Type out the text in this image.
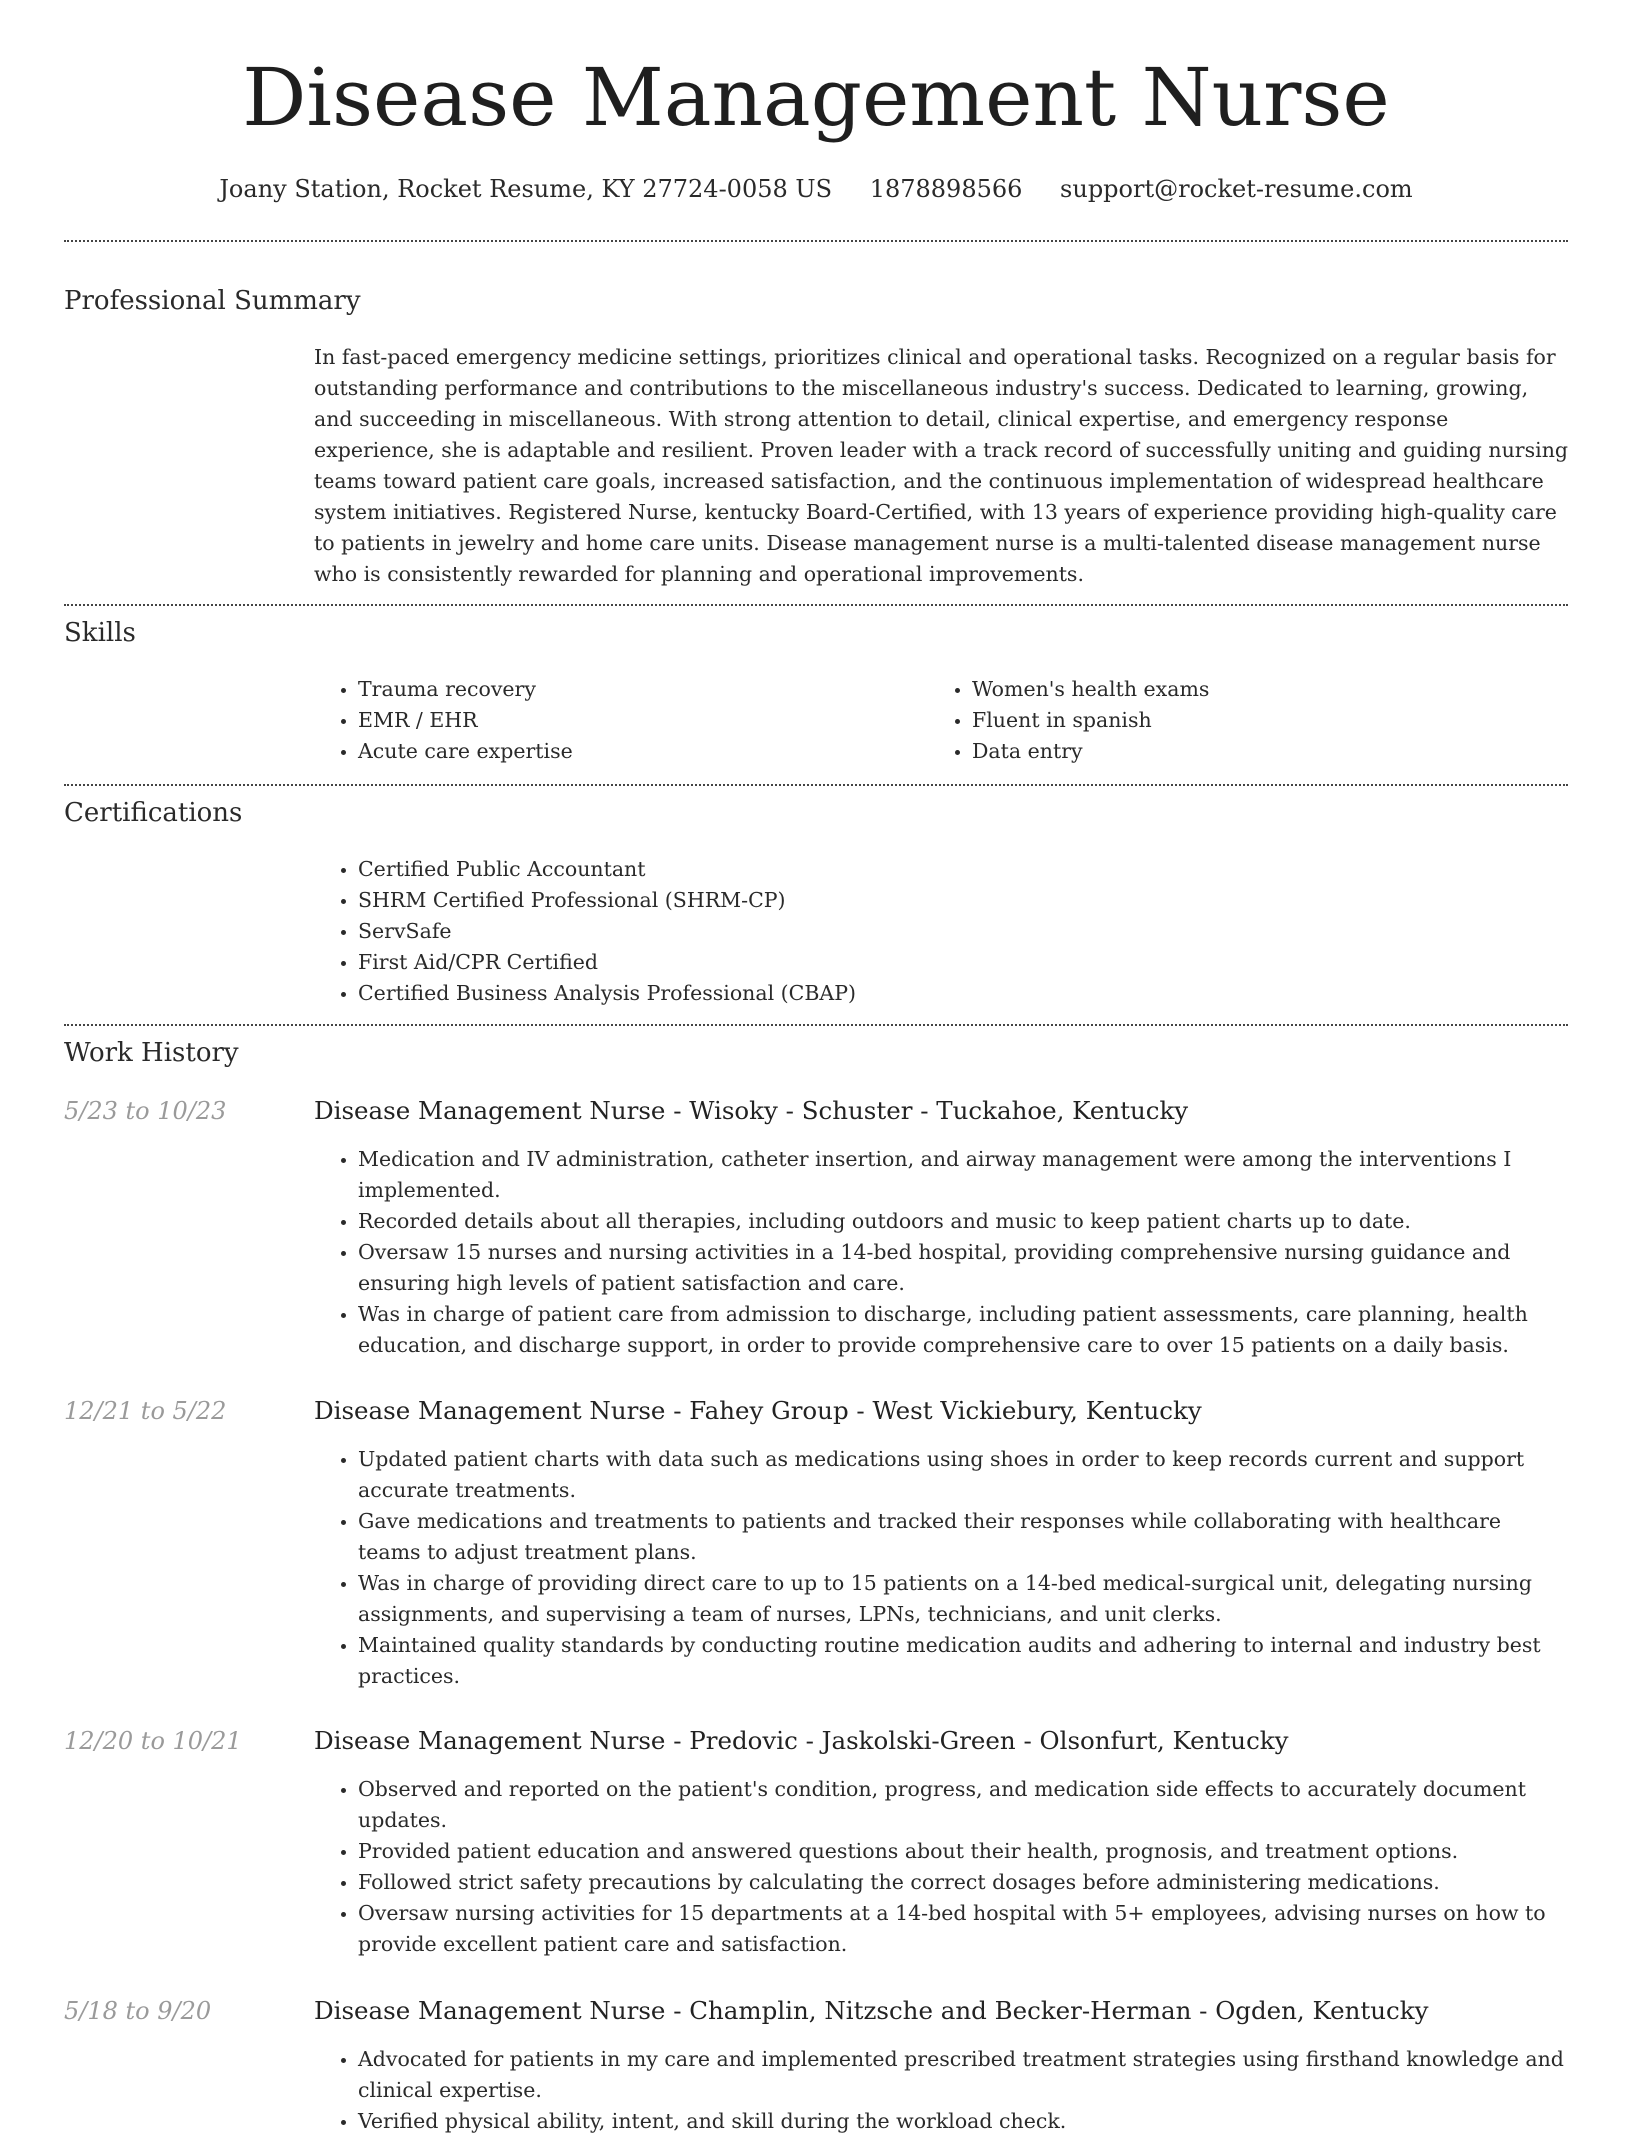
Disease Management Nurse
Joany Station, Rocket Resume, KY 27724-0058 US 1878898566 support@rocket-resume.com
Professional Summary
In fast-paced emergency medicine settings, prioritizes clinical and operational tasks. Recognized on a regular basis for outstanding performance and contributions to the miscellaneous industry's success. Dedicated to learning, growing, and succeeding in miscellaneous. With strong attention to detail, clinical expertise, and emergency response experience, she is adaptable and resilient. Proven leader with a track record of successfully uniting and guiding nursing teams toward patient care goals, increased satisfaction, and the continuous implementation of widespread healthcare system initiatives. Registered Nurse, kentucky Board-Certified, with 13 years of experience providing high-quality care to patients in jewelry and home care units. Disease management nurse is a multi-talented disease management nurse who is consistently rewarded for planning and operational improvements.
Skills
• Trauma recovery
• EMR / EHR
• Acute care expertise
• Women's health exams
• Fluent in spanish
• Data entry
Certifications
• Certified Public Accountant
• SHRM Certified Professional (SHRM-CP)
• ServSafe
• First Aid/CPR Certified
• Certified Business Analysis Professional (CBAP)
Work History
5/23 to 10/23	Disease Management Nurse - Wisoky - Schuster - Tuckahoe, Kentucky
• Medication and IV administration, catheter insertion, and airway management were among the interventions I implemented.
• Recorded details about all therapies, including outdoors and music to keep patient charts up to date.
• Oversaw 15 nurses and nursing activities in a 14-bed hospital, providing comprehensive nursing guidance and ensuring high levels of patient satisfaction and care.
• Was in charge of patient care from admission to discharge, including patient assessments, care planning, health education, and discharge support, in order to provide comprehensive care to over 15 patients on a daily basis.
12/21 to 5/22	Disease Management Nurse - Fahey Group - West Vickiebury, Kentucky
• Updated patient charts with data such as medications using shoes in order to keep records current and support accurate treatments.
• Gave medications and treatments to patients and tracked their responses while collaborating with healthcare teams to adjust treatment plans.
• Was in charge of providing direct care to up to 15 patients on a 14-bed medical-surgical unit, delegating nursing assignments, and supervising a team of nurses, LPNs, technicians, and unit clerks.
• Maintained quality standards by conducting routine medication audits and adhering to internal and industry best practices.
12/20 to 10/21	Disease Management Nurse - Predovic - Jaskolski-Green - Olsonfurt, Kentucky
• Observed and reported on the patient's condition, progress, and medication side effects to accurately document updates.
• Provided patient education and answered questions about their health, prognosis, and treatment options.
• Followed strict safety precautions by calculating the correct dosages before administering medications.
• Oversaw nursing activities for 15 departments at a 14-bed hospital with 5+ employees, advising nurses on how to provide excellent patient care and satisfaction.
5/18 to 9/20	Disease Management Nurse - Champlin, Nitzsche and Becker-Herman - Ogden, Kentucky
• Advocated for patients in my care and implemented prescribed treatment strategies using firsthand knowledge and clinical expertise.
• Verified physical ability, intent, and skill during the workload check.
